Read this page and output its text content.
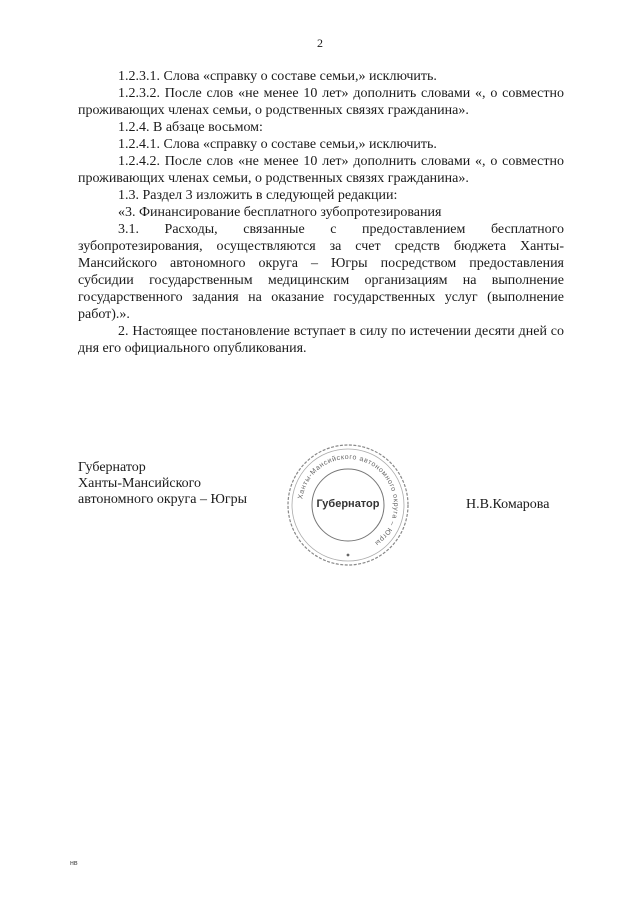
2

1.2.3.1. Слова «справку о составе семьи,» исключить.

1.2.3.2. После слов «не менее 10 лет» дополнить словами «, о совместно проживающих членах семьи, о родственных связях гражданина».

1.2.4. В абзаце восьмом:

1.2.4.1. Слова «справку о составе семьи,» исключить.

1.2.4.2. После слов «не менее 10 лет» дополнить словами «, о совместно проживающих членах семьи, о родственных связях гражданина».

1.3. Раздел 3 изложить в следующей редакции:

«3. Финансирование бесплатного зубопротезирования

3.1. Расходы, связанные с предоставлением бесплатного зубопротезирования, осуществляются за счет средств бюджета Ханты-Мансийского автономного округа – Югры посредством предоставления субсидии государственным медицинским организациям на выполнение государственного задания на оказание государственных услуг (выполнение работ).».

2. Настоящее постановление вступает в силу по истечении десяти дней со дня его официального опубликования.

Губернатор
Ханты-Мансийского
автономного округа – Югры	Ханты-Мансийского автономного округа – Югры
Губернатор	Н.В.Комарова
нв
